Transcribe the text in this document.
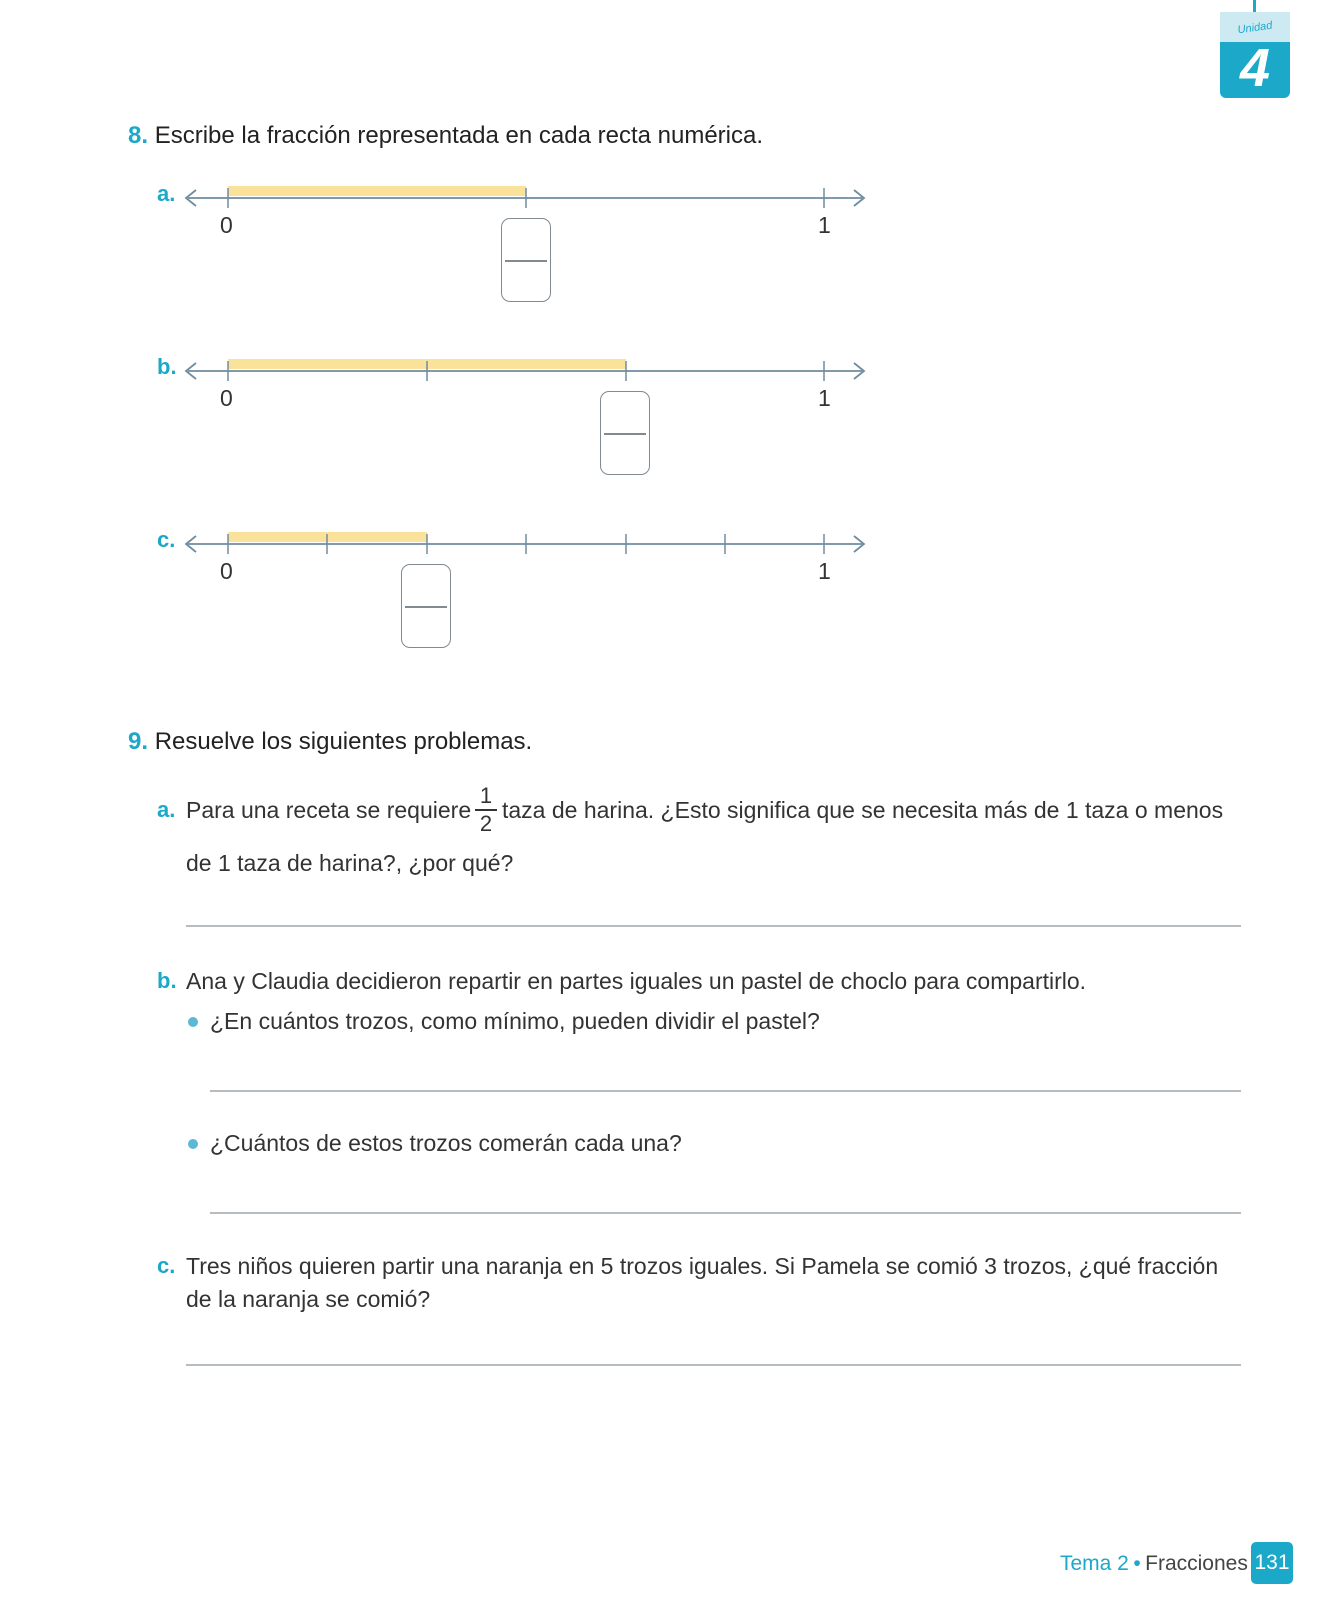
Unidad
4
8. Escribe la fracción representada en cada recta numérica.
a.
0	1
b.
0	1
c.
0	1
9. Resuelve los siguientes problemas.
a. Para una receta se requiere
1
2 taza de harina. ¿Esto significa que se necesita más de 1 taza o menos
de 1 taza de harina?, ¿por qué?
b. Ana y Claudia decidieron repartir en partes iguales un pastel de choclo para compartirlo.
¿En cuántos trozos, como mínimo, pueden dividir el pastel?
¿Cuántos de estos trozos comerán cada una?
c. Tres niños quieren partir una naranja en 5 trozos iguales. Si Pamela se comió 3 trozos, ¿qué fracción
de la naranja se comió?
Tema 2 • Fracciones 131
